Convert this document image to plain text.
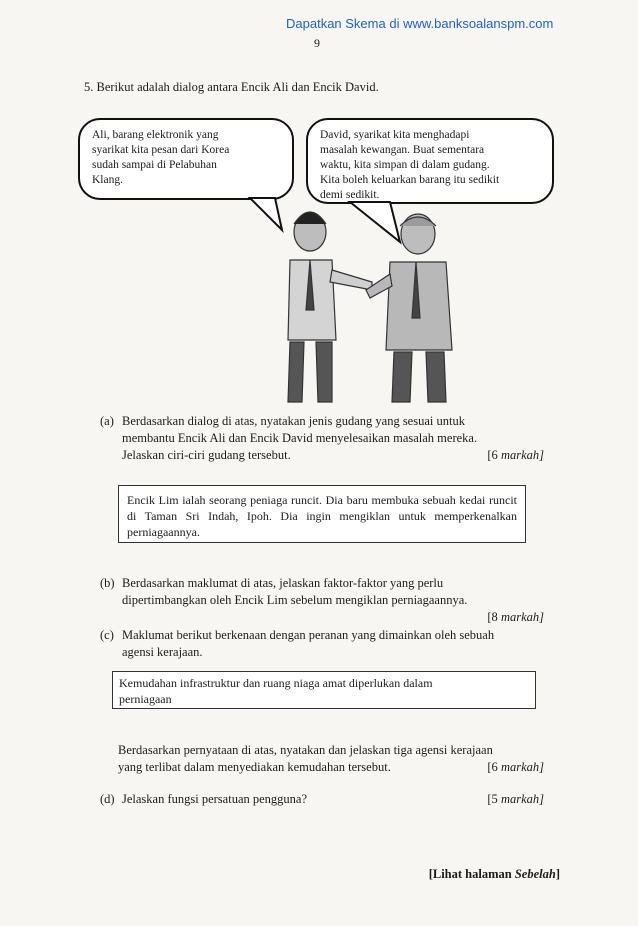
Dapatkan Skema di www.banksoalanspm.com
9
5. Berikut adalah dialog antara Encik Ali dan Encik David.
Ali, barang elektronik yang
syarikat kita pesan dari Korea
sudah sampai di Pelabuhan
Klang.
David, syarikat kita menghadapi
masalah kewangan. Buat sementara
waktu, kita simpan di dalam gudang.
Kita boleh keluarkan barang itu sedikit
demi sedikit.
(a) Berdasarkan dialog di atas, nyatakan jenis gudang yang sesuai untuk
membantu Encik Ali dan Encik David menyelesaikan masalah mereka.
Jelaskan ciri-ciri gudang tersebut.	[6 markah]
Encik Lim ialah seorang peniaga runcit. Dia baru membuka sebuah kedai runcit di Taman Sri Indah, Ipoh. Dia ingin mengiklan untuk memperkenalkan perniagaannya.
(b) Berdasarkan maklumat di atas, jelaskan faktor-faktor yang perlu
dipertimbangkan oleh Encik Lim sebelum mengiklan perniagaannya.
[8 markah]
(c) Maklumat berikut berkenaan dengan peranan yang dimainkan oleh sebuah
agensi kerajaan.
Kemudahan infrastruktur dan ruang niaga amat diperlukan dalam
perniagaan
Berdasarkan pernyataan di atas, nyatakan dan jelaskan tiga agensi kerajaan
yang terlibat dalam menyediakan kemudahan tersebut.	[6 markah]
(d) Jelaskan fungsi persatuan pengguna?	[5 markah]
[Lihat halaman Sebelah]
